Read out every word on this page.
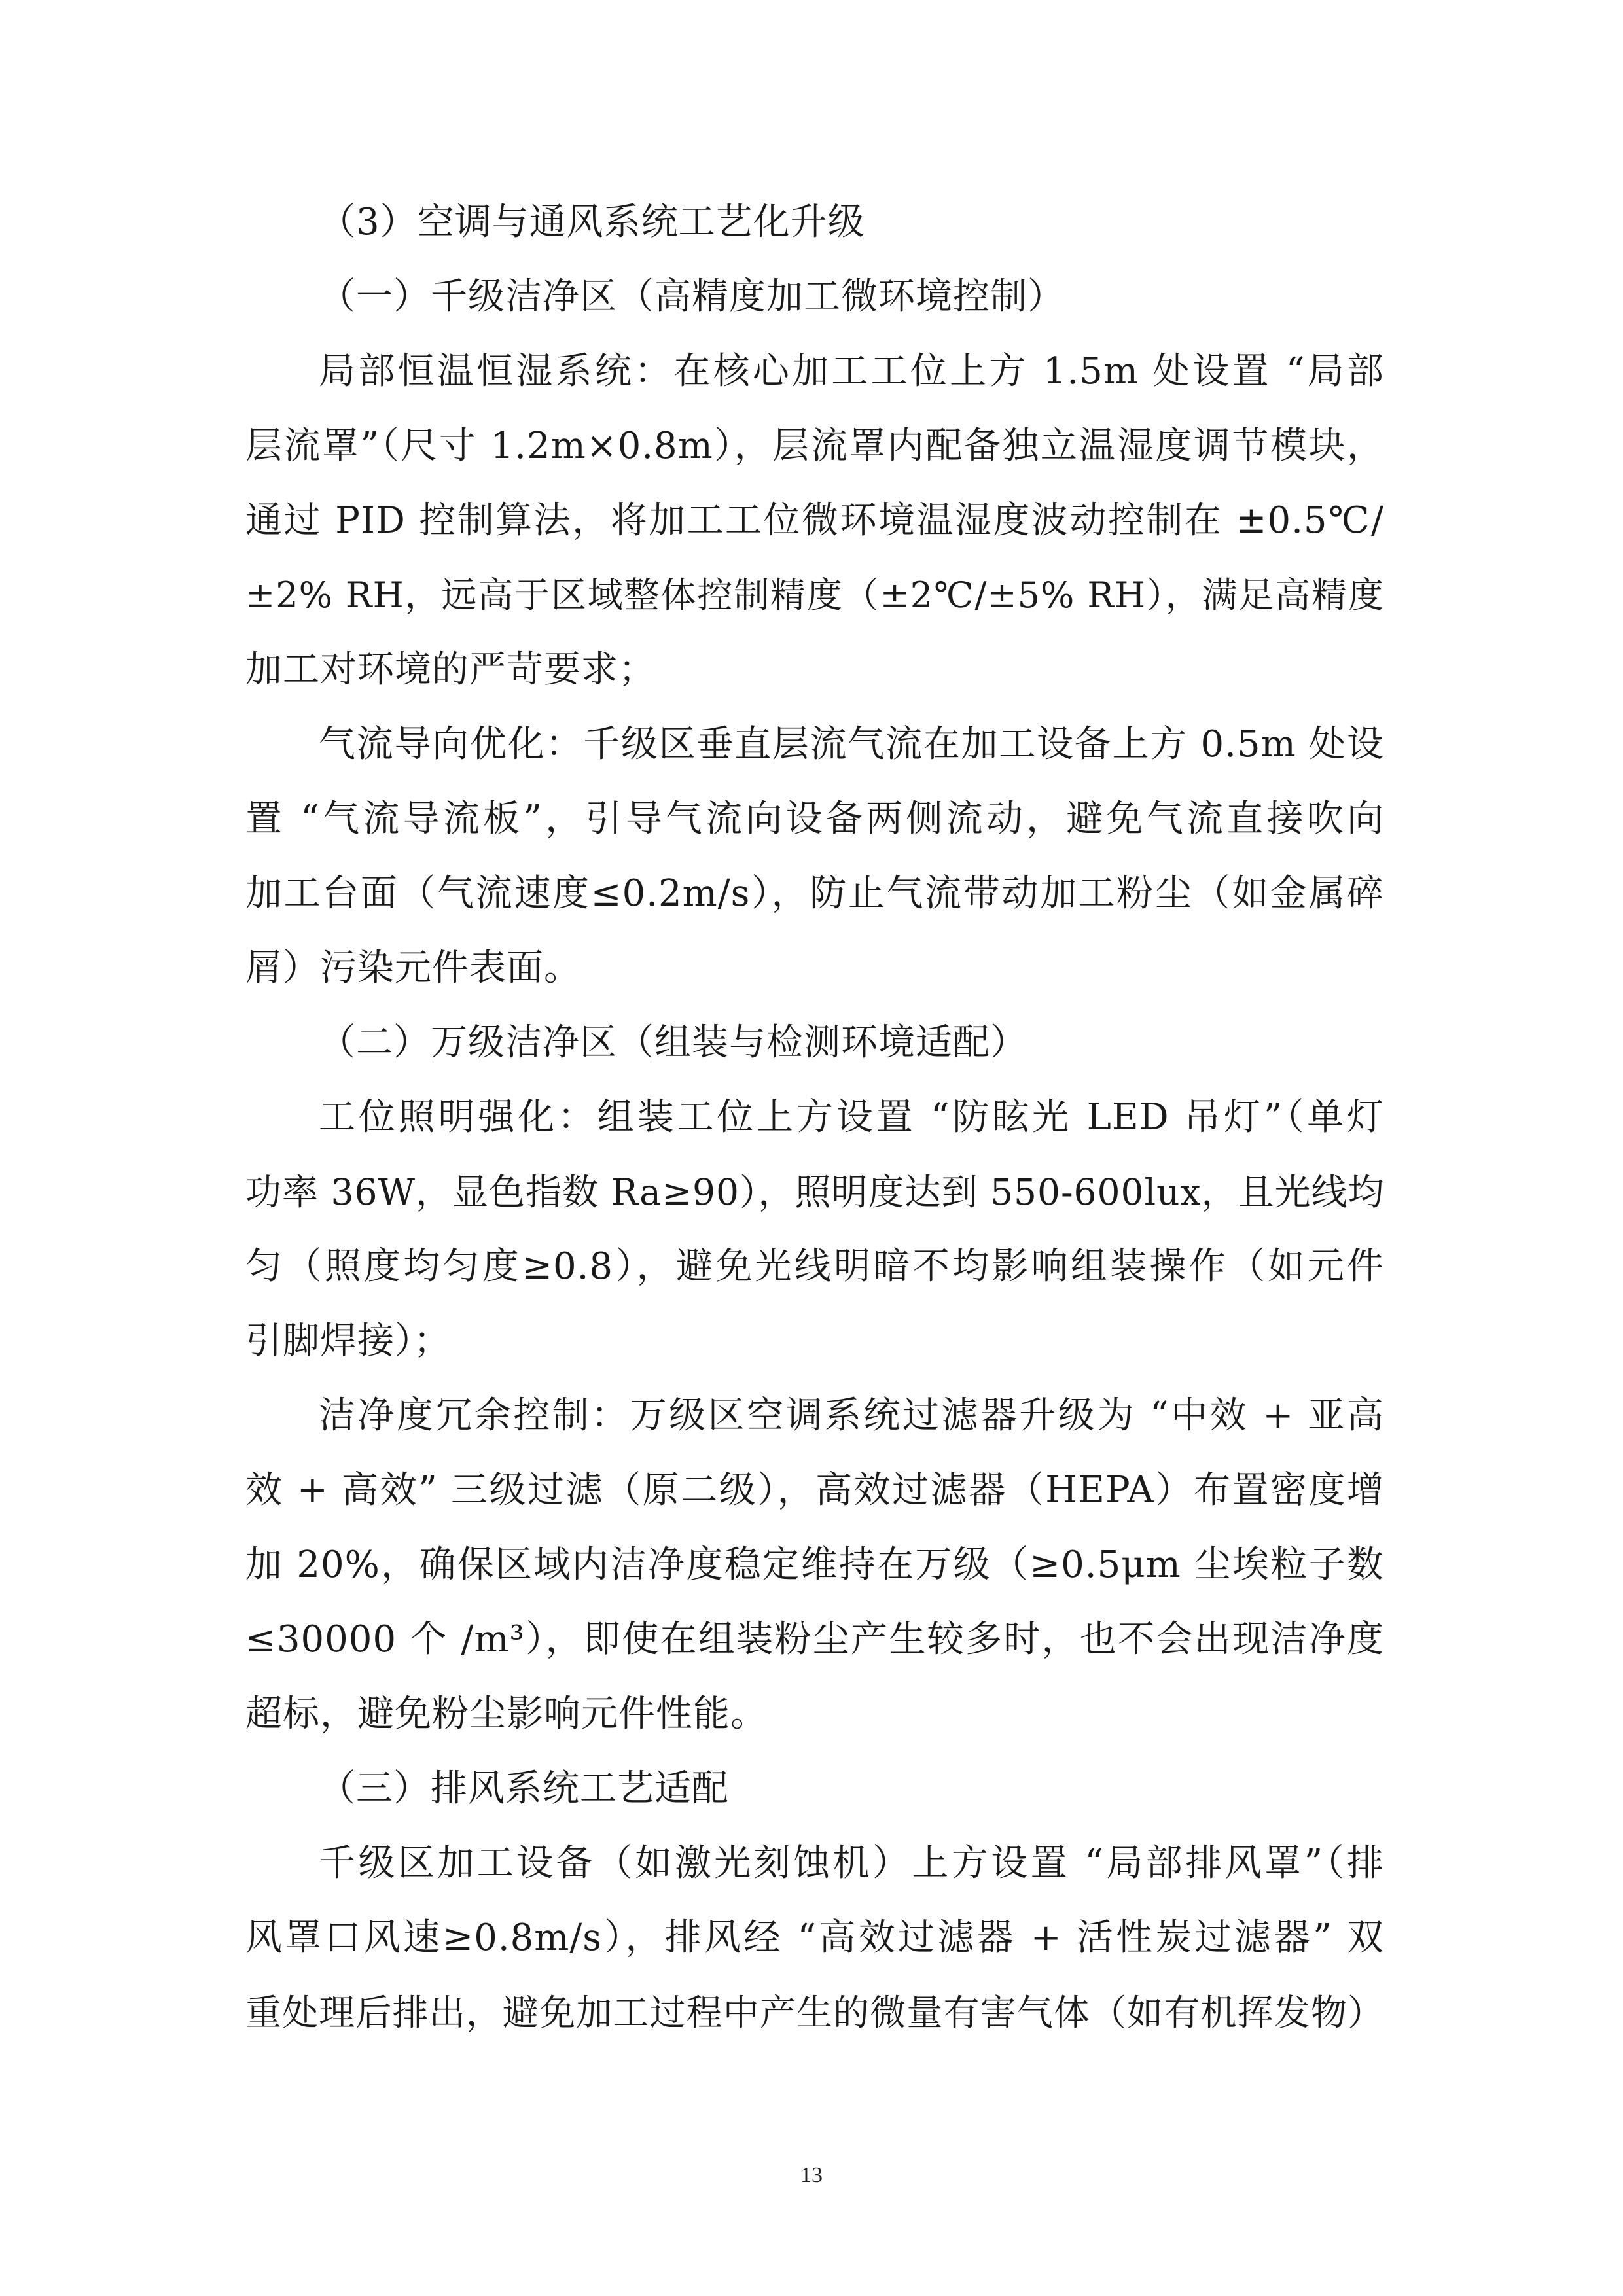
（3）空调与通风系统工艺化升级

（一）千级洁净区（高精度加工微环境控制）

局部恒温恒湿系统：在核心加工工位上方 1.5m 处设置 “局部

层流罩”（尺寸 1.2m×0.8m），层流罩内配备独立温湿度调节模块，

通过 PID 控制算法，将加工工位微环境温湿度波动控制在 ±0.5℃/

±2% RH，远高于区域整体控制精度（±2℃/±5% RH），满足高精度

加工对环境的严苛要求；

气流导向优化：千级区垂直层流气流在加工设备上方 0.5m 处设

置 “气流导流板”，引导气流向设备两侧流动，避免气流直接吹向

加工台面（气流速度≤0.2m/s），防止气流带动加工粉尘（如金属碎

屑）污染元件表面。

（二）万级洁净区（组装与检测环境适配）

工位照明强化：组装工位上方设置 “防眩光 LED 吊灯”（单灯

功率 36W，显色指数 Ra≥90），照明度达到 550-600lux，且光线均

匀（照度均匀度≥0.8），避免光线明暗不均影响组装操作（如元件

引脚焊接）；

洁净度冗余控制：万级区空调系统过滤器升级为 “中效 + 亚高

效 + 高效” 三级过滤（原二级），高效过滤器（HEPA）布置密度增

加 20%，确保区域内洁净度稳定维持在万级（≥0.5μm 尘埃粒子数

≤30000 个 /m³），即使在组装粉尘产生较多时，也不会出现洁净度

超标，避免粉尘影响元件性能。

（三）排风系统工艺适配

千级区加工设备（如激光刻蚀机）上方设置 “局部排风罩”（排

风罩口风速≥0.8m/s），排风经 “高效过滤器 + 活性炭过滤器” 双

重处理后排出，避免加工过程中产生的微量有害气体（如有机挥发物）

13
